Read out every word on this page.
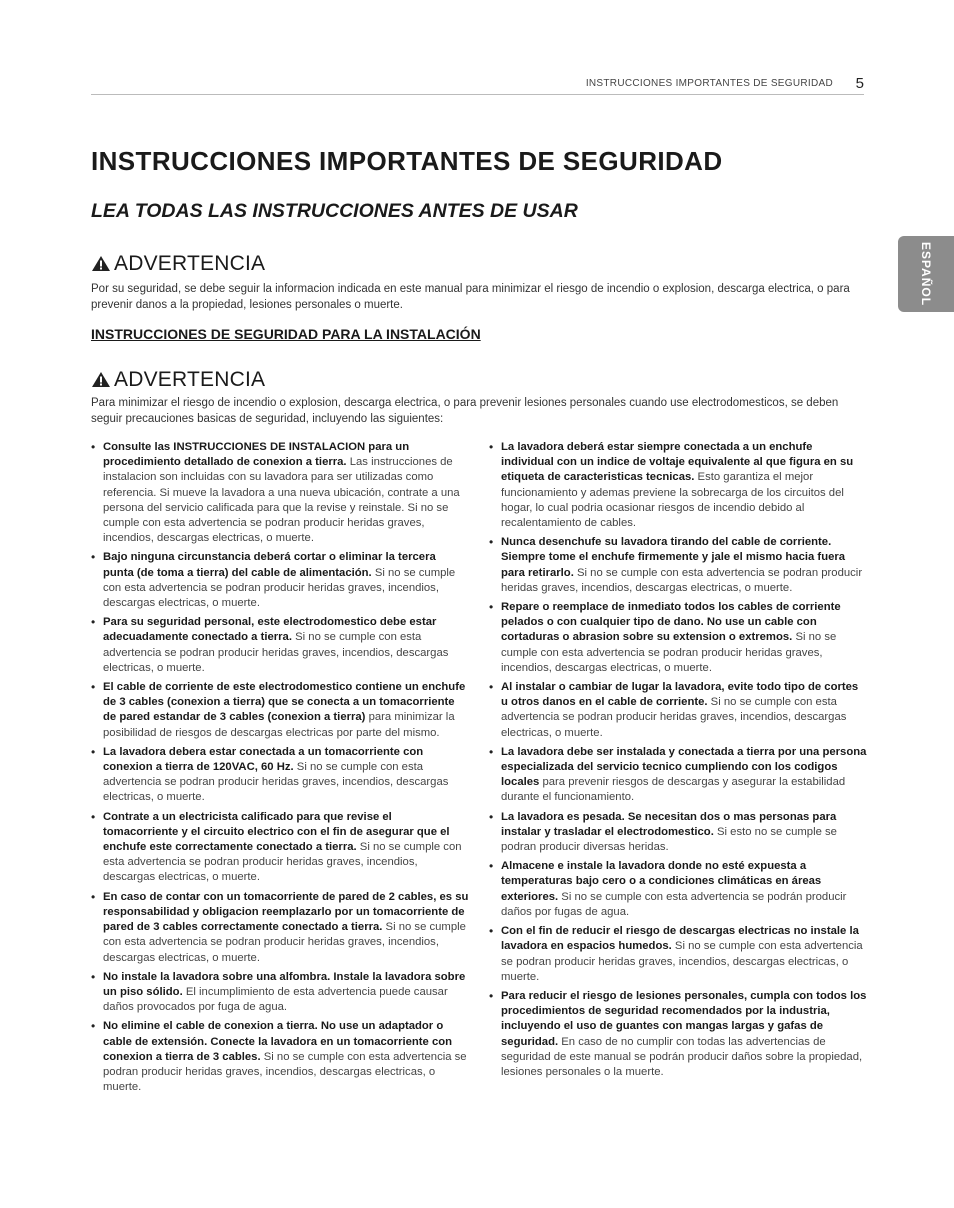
INSTRUCCIONES IMPORTANTES DE SEGURIDAD 5
ESPAÑOL
INSTRUCCIONES IMPORTANTES DE SEGURIDAD
LEA TODAS LAS INSTRUCCIONES ANTES DE USAR
ADVERTENCIA

Por su seguridad, se debe seguir la informacion indicada en este manual para minimizar el riesgo de incendio o explosion, descarga electrica, o para prevenir danos a la propiedad, lesiones personales o muerte.

INSTRUCCIONES DE SEGURIDAD PARA LA INSTALACIÓN
ADVERTENCIA

Para minimizar el riesgo de incendio o explosion, descarga electrica, o para prevenir lesiones personales cuando use electrodomesticos, se deben seguir precauciones basicas de seguridad, incluyendo las siguientes:

• Consulte las INSTRUCCIONES DE INSTALACION para un procedimiento detallado de conexion a tierra. Las instrucciones de instalacion son incluidas con su lavadora para ser utilizadas como referencia. Si mueve la lavadora a una nueva ubicación, contrate a una persona del servicio calificada para que la revise y reinstale. Si no se cumple con esta advertencia se podran producir heridas graves, incendios, descargas electricas, o muerte.
• Bajo ninguna circunstancia deberá cortar o eliminar la tercera punta (de toma a tierra) del cable de alimentación. Si no se cumple con esta advertencia se podran producir heridas graves, incendios, descargas electricas, o muerte.
• Para su seguridad personal, este electrodomestico debe estar adecuadamente conectado a tierra. Si no se cumple con esta advertencia se podran producir heridas graves, incendios, descargas electricas, o muerte.
• El cable de corriente de este electrodomestico contiene un enchufe de 3 cables (conexion a tierra) que se conecta a un tomacorriente de pared estandar de 3 cables (conexion a tierra) para minimizar la posibilidad de riesgos de descargas electricas por parte del mismo.
• La lavadora debera estar conectada a un tomacorriente con conexion a tierra de 120VAC, 60 Hz. Si no se cumple con esta advertencia se podran producir heridas graves, incendios, descargas electricas, o muerte.
• Contrate a un electricista calificado para que revise el tomacorriente y el circuito electrico con el fin de asegurar que el enchufe este correctamente conectado a tierra. Si no se cumple con esta advertencia se podran producir heridas graves, incendios, descargas electricas, o muerte.
• En caso de contar con un tomacorriente de pared de 2 cables, es su responsabilidad y obligacion reemplazarlo por un tomacorriente de pared de 3 cables correctamente conectado a tierra. Si no se cumple con esta advertencia se podran producir heridas graves, incendios, descargas electricas, o muerte.
• No instale la lavadora sobre una alfombra. Instale la lavadora sobre un piso sólido. El incumplimiento de esta advertencia puede causar daños provocados por fuga de agua.
• No elimine el cable de conexion a tierra. No use un adaptador o cable de extensión. Conecte la lavadora en un tomacorriente con conexion a tierra de 3 cables. Si no se cumple con esta advertencia se podran producir heridas graves, incendios, descargas electricas, o muerte.
• La lavadora deberá estar siempre conectada a un enchufe individual con un indice de voltaje equivalente al que figura en su etiqueta de caracteristicas tecnicas. Esto garantiza el mejor funcionamiento y ademas previene la sobrecarga de los circuitos del hogar, lo cual podria ocasionar riesgos de incendio debido al recalentamiento de cables.
• Nunca desenchufe su lavadora tirando del cable de corriente. Siempre tome el enchufe firmemente y jale el mismo hacia fuera para retirarlo. Si no se cumple con esta advertencia se podran producir heridas graves, incendios, descargas electricas, o muerte.
• Repare o reemplace de inmediato todos los cables de corriente pelados o con cualquier tipo de dano. No use un cable con cortaduras o abrasion sobre su extension o extremos. Si no se cumple con esta advertencia se podran producir heridas graves, incendios, descargas electricas, o muerte.
• Al instalar o cambiar de lugar la lavadora, evite todo tipo de cortes u otros danos en el cable de corriente. Si no se cumple con esta advertencia se podran producir heridas graves, incendios, descargas electricas, o muerte.
• La lavadora debe ser instalada y conectada a tierra por una persona especializada del servicio tecnico cumpliendo con los codigos locales para prevenir riesgos de descargas y asegurar la estabilidad durante el funcionamiento.
• La lavadora es pesada. Se necesitan dos o mas personas para instalar y trasladar el electrodomestico. Si esto no se cumple se podran producir diversas heridas.
• Almacene e instale la lavadora donde no esté expuesta a temperaturas bajo cero o a condiciones climáticas en áreas exteriores. Si no se cumple con esta advertencia se podrán producir daños por fugas de agua.
• Con el fin de reducir el riesgo de descargas electricas no instale la lavadora en espacios humedos. Si no se cumple con esta advertencia se podran producir heridas graves, incendios, descargas electricas, o muerte.
• Para reducir el riesgo de lesiones personales, cumpla con todos los procedimientos de seguridad recomendados por la industria, incluyendo el uso de guantes con mangas largas y gafas de seguridad. En caso de no cumplir con todas las advertencias de seguridad de este manual se podrán producir daños sobre la propiedad, lesiones personales o la muerte.
